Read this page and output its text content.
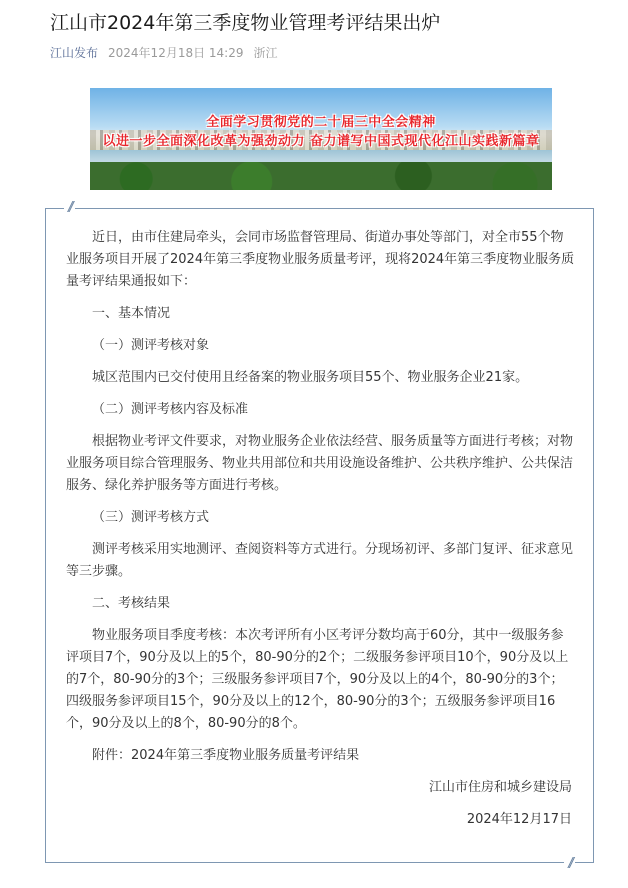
江山市2024年第三季度物业管理考评结果出炉
江山发布 2024年12月18日 14:29 浙江
全面学习贯彻党的二十届三中全会精神
以进一步全面深化改革为强劲动力 奋力谱写中国式现代化江山实践新篇章
//
//

近日，由市住建局牵头，会同市场监督管理局、街道办事处等部门，对全市55个物业服务项目开展了2024年第三季度物业服务质量考评，现将2024年第三季度物业服务质量考评结果通报如下：

一、基本情况

（一）测评考核对象

城区范围内已交付使用且经备案的物业服务项目55个、物业服务企业21家。

（二）测评考核内容及标准

根据物业考评文件要求，对物业服务企业依法经营、服务质量等方面进行考核；对物业服务项目综合管理服务、物业共用部位和共用设施设备维护、公共秩序维护、公共保洁服务、绿化养护服务等方面进行考核。

（三）测评考核方式

测评考核采用实地测评、查阅资料等方式进行。分现场初评、多部门复评、征求意见等三步骤。

二、考核结果

物业服务项目季度考核：本次考评所有小区考评分数均高于60分，其中一级服务参评项目7个，90分及以上的5个，80-90分的2个；二级服务参评项目10个，90分及以上的7个，80-90分的3个；三级服务参评项目7个，90分及以上的4个，80-90分的3个；四级服务参评项目15个，90分及以上的12个，80-90分的3个；五级服务参评项目16个，90分及以上的8个，80-90分的8个。

附件：2024年第三季度物业服务质量考评结果

江山市住房和城乡建设局

2024年12月17日
